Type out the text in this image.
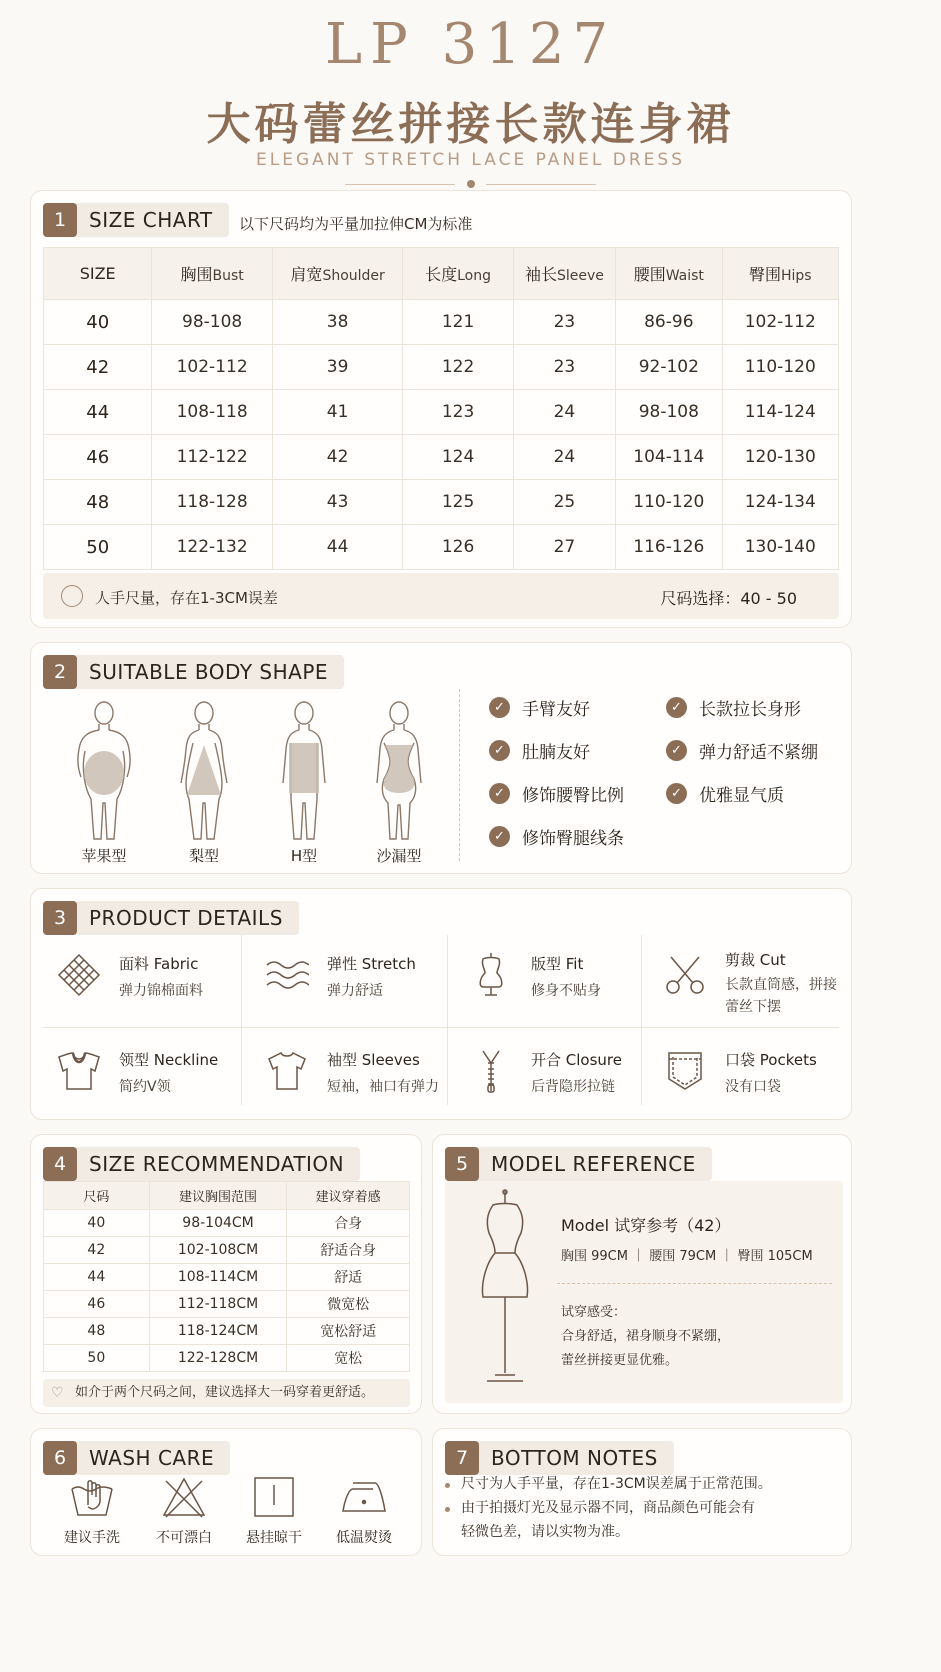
LP 3127
大码蕾丝拼接长款连身裙
ELEGANT STRETCH LACE PANEL DRESS
1	SIZE CHART 以下尺码均为平量加拉伸CM为标准
SIZE	胸围Bust	肩宽Shoulder	长度Long	袖长Sleeve	腰围Waist	臀围Hips
40	98-108	38	121	23	86-96	102-112
42	102-112	39	122	23	92-102	110-120
44	108-118	41	123	24	98-108	114-124
46	112-122	42	124	24	104-114	120-130
48	118-128	43	125	25	110-120	124-134
50	122-132	44	126	27	116-126	130-140
人手尺量，存在1-3CM误差	尺码选择：40 - 50
2	SUITABLE BODY SHAPE
苹果型	梨型	H型	沙漏型
✓ 手臂友好	✓ 长款拉长身形
✓ 肚腩友好	✓ 弹力舒适不紧绷
✓ 修饰腰臀比例	✓ 优雅显气质
✓ 修饰臀腿线条
3	PRODUCT DETAILS
面料 Fabric
弹力锦棉面料
弹性 Stretch
弹力舒适
版型 Fit
修身不贴身
剪裁 Cut
长款直筒感，拼接蕾丝下摆
领型 Neckline
简约V领
袖型 Sleeves
短袖，袖口有弹力
开合 Closure
后背隐形拉链
口袋 Pockets
没有口袋
4	SIZE RECOMMENDATION
尺码	建议胸围范围	建议穿着感
40	98-104CM	合身
42	102-108CM	舒适合身
44	108-114CM	舒适
46	112-118CM	微宽松
48	118-124CM	宽松舒适
50	122-128CM	宽松
♡ 如介于两个尺码之间，建议选择大一码穿着更舒适。
5	MODEL REFERENCE
Model 试穿参考（42）
胸围 99CM ｜ 腰围 79CM ｜ 臀围 105CM
试穿感受：
合身舒适，裙身顺身不紧绷，
蕾丝拼接更显优雅。
6	WASH CARE
建议手洗	不可漂白	悬挂晾干	低温熨烫
7	BOTTOM NOTES
尺寸为人手平量，存在1-3CM误差属于正常范围。
由于拍摄灯光及显示器不同，商品颜色可能会有
轻微色差，请以实物为准。
